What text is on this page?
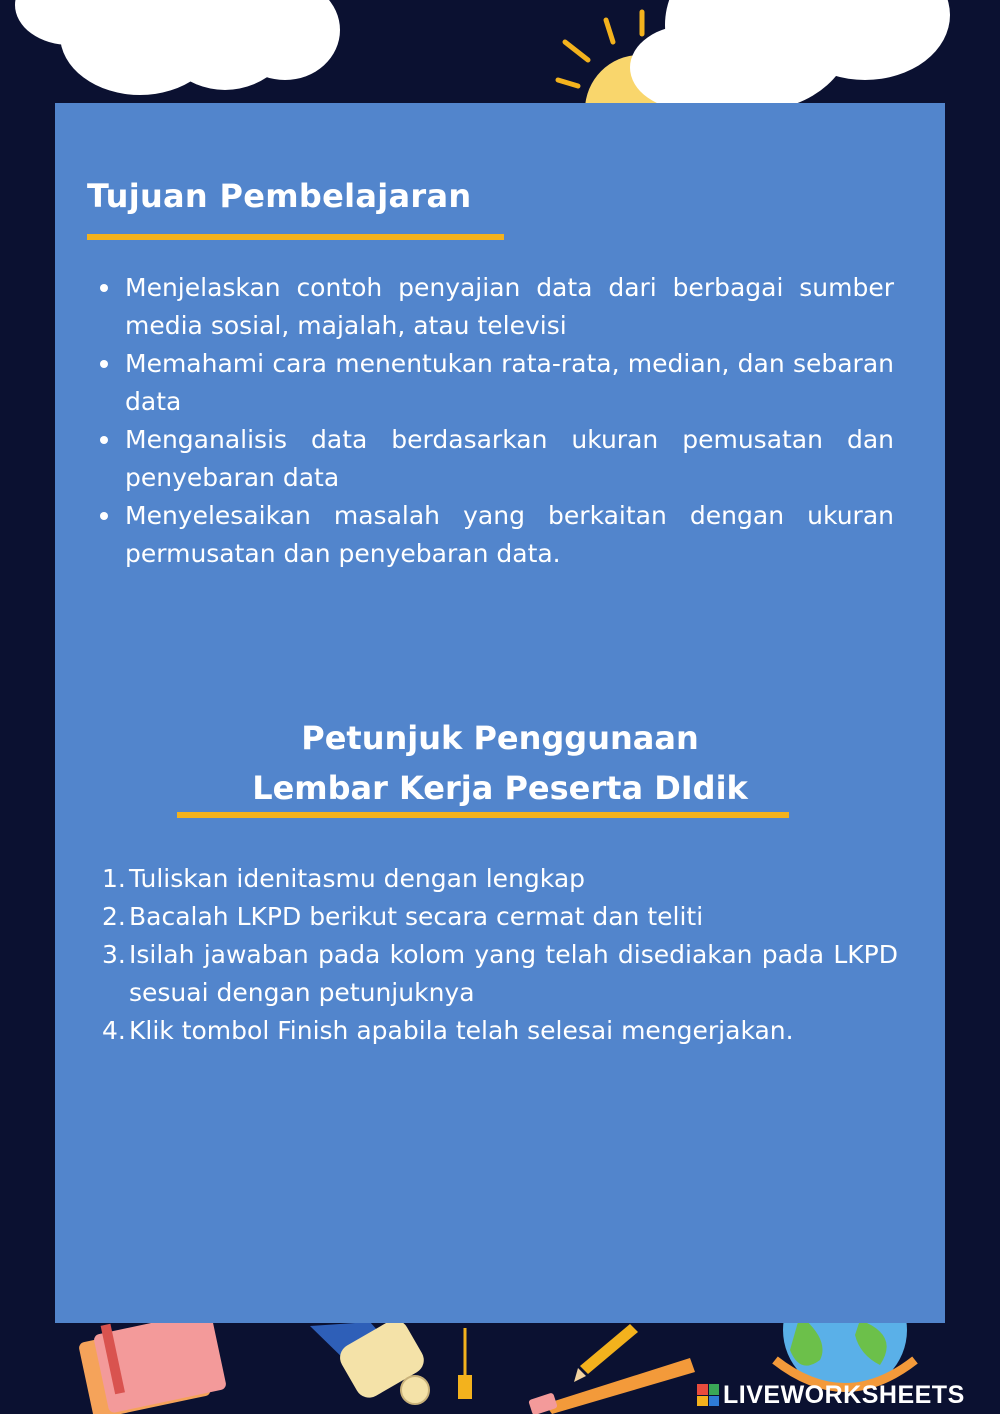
Tujuan Pembelajaran
Menjelaskan contoh penyajian data dari berbagai sumber media sosial, majalah, atau televisi
Memahami cara menentukan rata-rata, median, dan sebaran data
Menganalisis data berdasarkan ukuran pemusatan dan penyebaran data
Menyelesaikan masalah yang berkaitan dengan ukuran permusatan dan penyebaran data.
Petunjuk Penggunaan
Lembar Kerja Peserta DIdik
1. Tuliskan idenitasmu dengan lengkap
2. Bacalah LKPD berikut secara cermat dan teliti
3. Isilah jawaban pada kolom yang telah disediakan pada LKPD sesuai dengan petunjuknya
4. Klik tombol Finish apabila telah selesai mengerjakan.
LIVEWORKSHEETS
